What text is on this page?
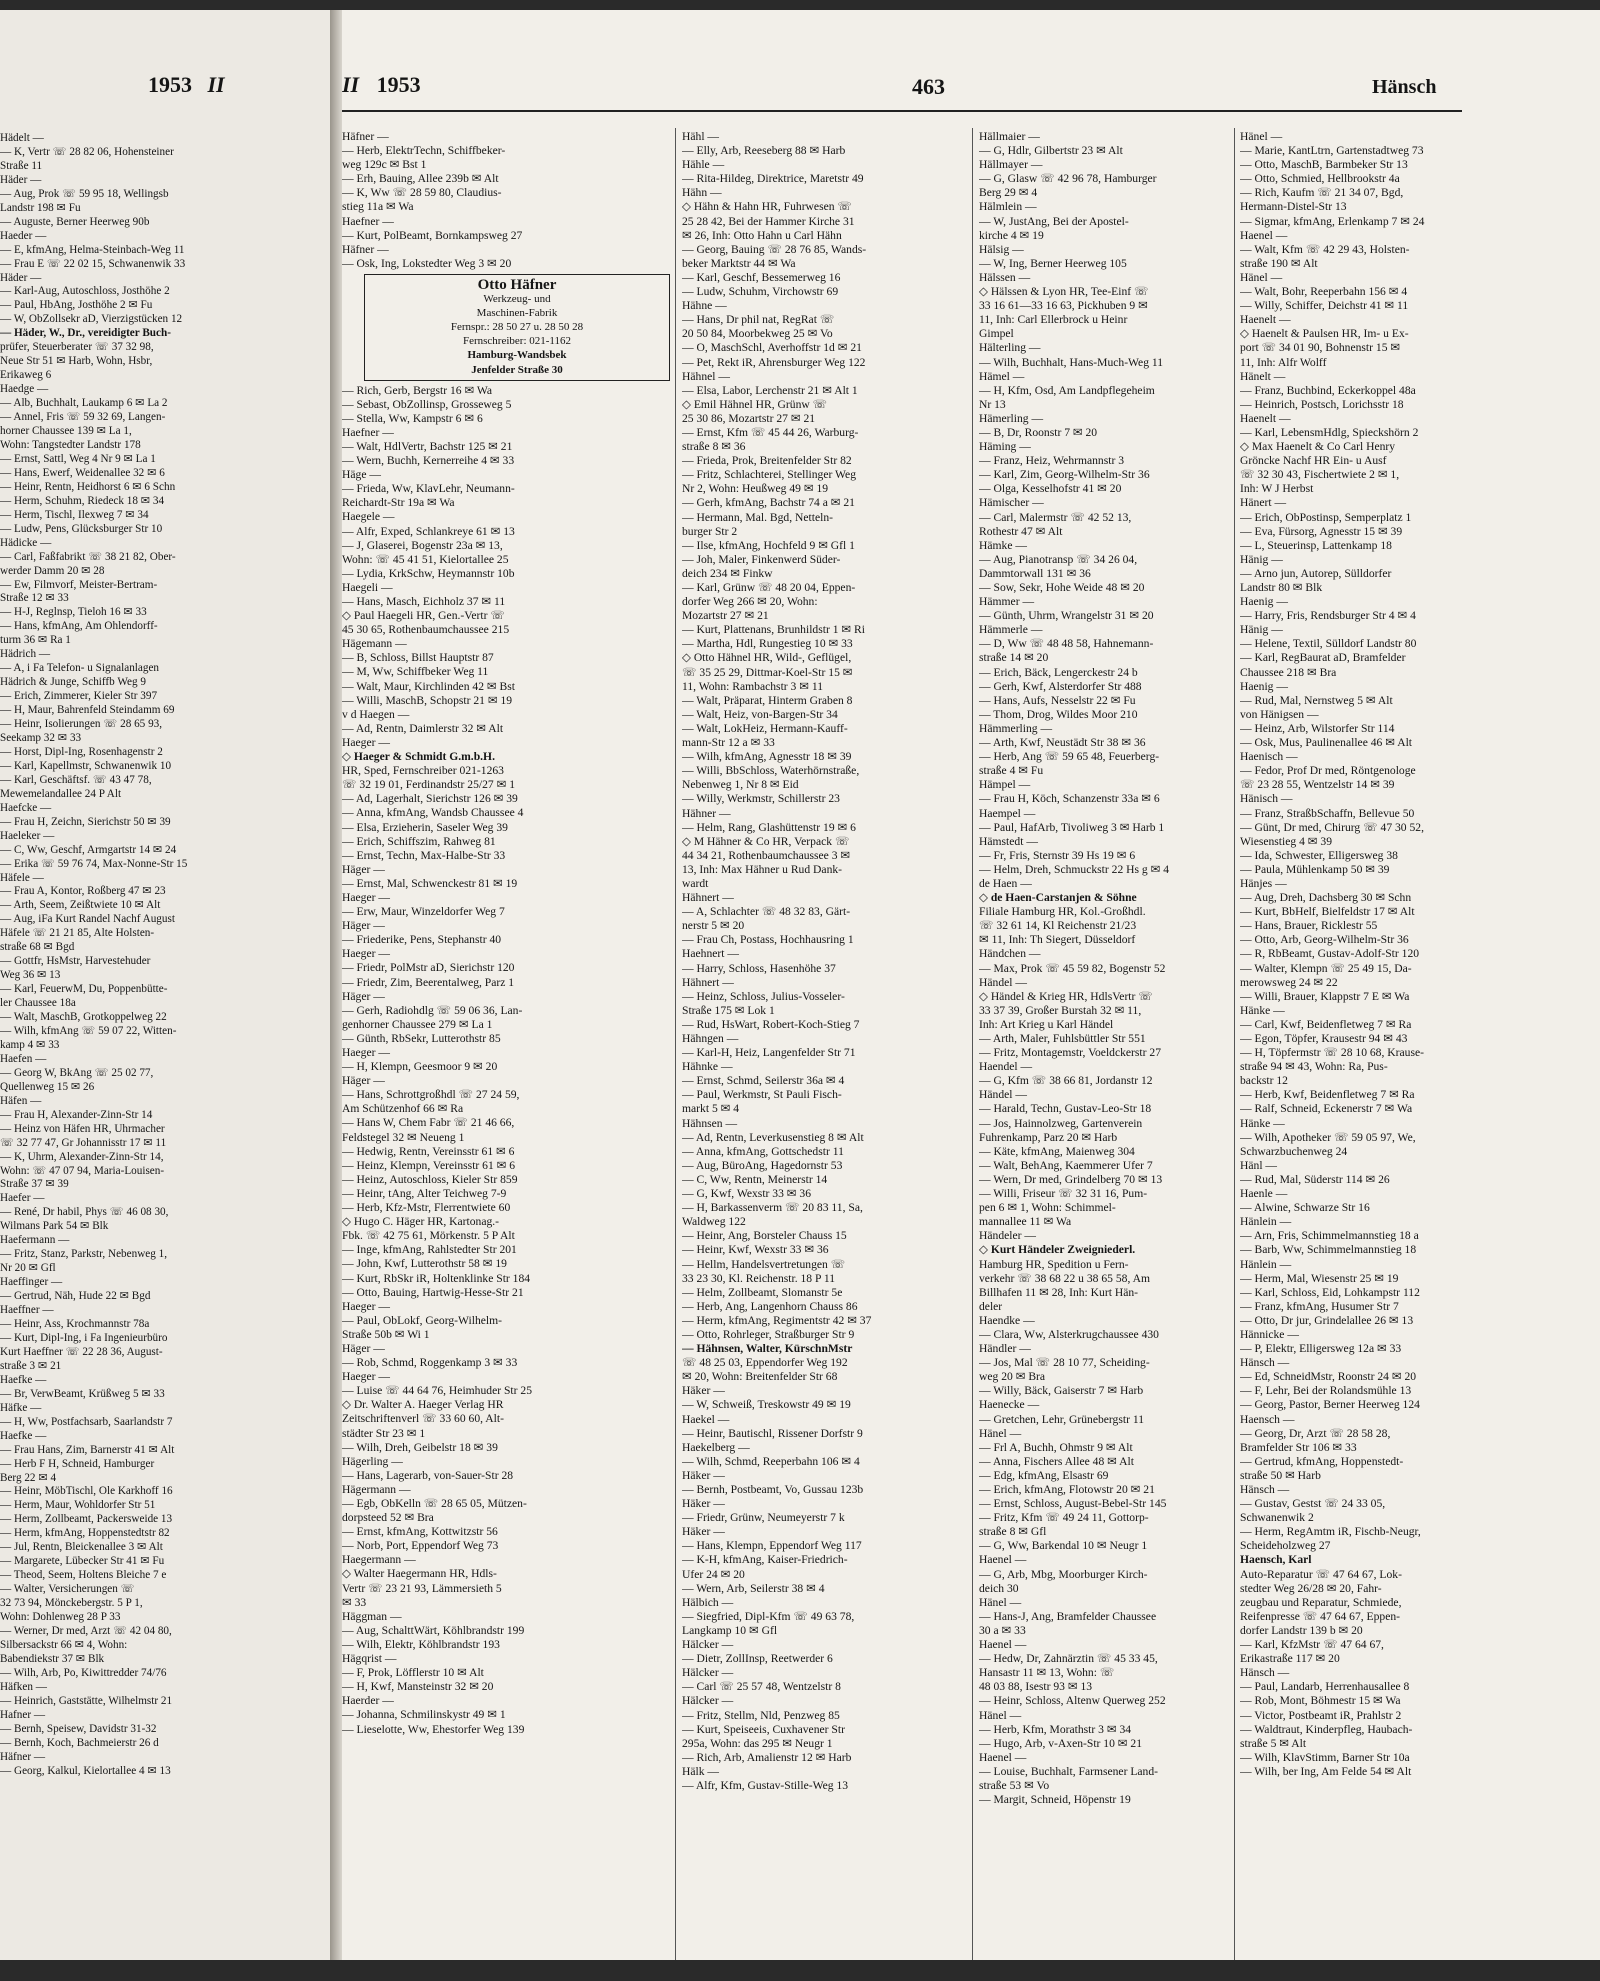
1953 II
Hädelt —
— K, Vertr ☏ 28 82 06, Hohensteiner
Straße 11
Häder —
— Aug, Prok ☏ 59 95 18, Wellingsb
Landstr 198 ✉ Fu
— Auguste, Berner Heerweg 90b
Haeder —
— E, kfmAng, Helma-Steinbach-Weg 11
— Frau E ☏ 22 02 15, Schwanenwik 33
Häder —
— Karl-Aug, Autoschloss, Josthöhe 2
— Paul, HbAng, Josthöhe 2 ✉ Fu
— W, ObZollsekr aD, Vierzigstücken 12
— Häder, W., Dr., vereidigter Buch-
prüfer, Steuerberater ☏ 37 32 98,
Neue Str 51 ✉ Harb, Wohn, Hsbr,
Erikaweg 6
Haedge —
— Alb, Buchhalt, Laukamp 6 ✉ La 2
— Annel, Fris ☏ 59 32 69, Langen-
horner Chaussee 139 ✉ La 1,
Wohn: Tangstedter Landstr 178
— Ernst, Sattl, Weg 4 Nr 9 ✉ La 1
— Hans, Ewerf, Weidenallee 32 ✉ 6
— Heinr, Rentn, Heidhorst 6 ✉ 6 Schn
— Herm, Schuhm, Riedeck 18 ✉ 34
— Herm, Tischl, Ilexweg 7 ✉ 34
— Ludw, Pens, Glücksburger Str 10
Hädicke —
— Carl, Faßfabrikt ☏ 38 21 82, Ober-
werder Damm 20 ✉ 28
— Ew, Filmvorf, Meister-Bertram-
Straße 12 ✉ 33
— H-J, Reglnsp, Tieloh 16 ✉ 33
— Hans, kfmAng, Am Ohlendorff-
turm 36 ✉ Ra 1
Hädrich —
— A, i Fa Telefon- u Signalanlagen
Hädrich & Junge, Schiffb Weg 9
— Erich, Zimmerer, Kieler Str 397
— H, Maur, Bahrenfeld Steindamm 69
— Heinr, Isolierungen ☏ 28 65 93,
Seekamp 32 ✉ 33
— Horst, Dipl-Ing, Rosenhagenstr 2
— Karl, Kapellmstr, Schwanenwik 10
— Karl, Geschäftsf. ☏ 43 47 78,
Mewemelandallee 24 P Alt
Haefcke —
— Frau H, Zeichn, Sierichstr 50 ✉ 39
Haeleker —
— C, Ww, Geschf, Armgartstr 14 ✉ 24
— Erika ☏ 59 76 74, Max-Nonne-Str 15
Häfele —
— Frau A, Kontor, Roßberg 47 ✉ 23
— Arth, Seem, Zeißtwiete 10 ✉ Alt
— Aug, iFa Kurt Randel Nachf August
Häfele ☏ 21 21 85, Alte Holsten-
straße 68 ✉ Bgd
— Gottfr, HsMstr, Harvestehuder
Weg 36 ✉ 13
— Karl, FeuerwM, Du, Poppenbütte-
ler Chaussee 18a
— Walt, MaschB, Grotkoppelweg 22
— Wilh, kfmAng ☏ 59 07 22, Witten-
kamp 4 ✉ 33
Haefen —
— Georg W, BkAng ☏ 25 02 77,
Quellenweg 15 ✉ 26
Häfen —
— Frau H, Alexander-Zinn-Str 14
— Heinz von Häfen HR, Uhrmacher
☏ 32 77 47, Gr Johannisstr 17 ✉ 11
— K, Uhrm, Alexander-Zinn-Str 14,
Wohn: ☏ 47 07 94, Maria-Louisen-
Straße 37 ✉ 39
Haefer —
— René, Dr habil, Phys ☏ 46 08 30,
Wilmans Park 54 ✉ Blk
Haefermann —
— Fritz, Stanz, Parkstr, Nebenweg 1,
Nr 20 ✉ Gfl
Haeffinger —
— Gertrud, Näh, Hude 22 ✉ Bgd
Haeffner —
— Heinr, Ass, Krochmannstr 78a
— Kurt, Dipl-Ing, i Fa Ingenieurbüro
Kurt Haeffner ☏ 22 28 36, August-
straße 3 ✉ 21
Haefke —
— Br, VerwBeamt, Krüßweg 5 ✉ 33
Häfke —
— H, Ww, Postfachsarb, Saarlandstr 7
Haefke —
— Frau Hans, Zim, Barnerstr 41 ✉ Alt
— Herb F H, Schneid, Hamburger
Berg 22 ✉ 4
— Heinr, MöbTischl, Ole Karkhoff 16
— Herm, Maur, Wohldorfer Str 51
— Herm, Zollbeamt, Packersweide 13
— Herm, kfmAng, Hoppenstedtstr 82
— Jul, Rentn, Bleickenallee 3 ✉ Alt
— Margarete, Lübecker Str 41 ✉ Fu
— Theod, Seem, Holtens Bleiche 7 e
— Walter, Versicherungen ☏
32 73 94, Mönckebergstr. 5 P 1,
Wohn: Dohlenweg 28 P 33
— Werner, Dr med, Arzt ☏ 42 04 80,
Silbersackstr 66 ✉ 4, Wohn:
Babendiekstr 37 ✉ Blk
— Wilh, Arb, Po, Kiwittredder 74/76
Häfken —
— Heinrich, Gaststätte, Wilhelmstr 21
Hafner —
— Bernh, Speisew, Davidstr 31-32
— Bernh, Koch, Bachmeierstr 26 d
Häfner —
— Georg, Kalkul, Kielortallee 4 ✉ 13
II 1953	463	Hänsch
Häfner —
— Herb, ElektrTechn, Schiffbeker-
weg 129c ✉ Bst 1
— Erh, Bauing, Allee 239b ✉ Alt
— K, Ww ☏ 28 59 80, Claudius-
stieg 11a ✉ Wa
Haefner —
— Kurt, PolBeamt, Bornkampsweg 27
Häfner —
— Osk, Ing, Lokstedter Weg 3 ✉ 20
Otto Häfner
Werkzeug- und
Maschinen-Fabrik
Fernspr.: 28 50 27 u. 28 50 28
Fernschreiber: 021-1162
Hamburg-Wandsbek
Jenfelder Straße 30
— Rich, Gerb, Bergstr 16 ✉ Wa
— Sebast, ObZollinsp, Grosseweg 5
— Stella, Ww, Kampstr 6 ✉ 6
Haefner —
— Walt, HdlVertr, Bachstr 125 ✉ 21
— Wern, Buchh, Kernerreihe 4 ✉ 33
Häge —
— Frieda, Ww, KlavLehr, Neumann-
Reichardt-Str 19a ✉ Wa
Haegele —
— Alfr, Exped, Schlankreye 61 ✉ 13
— J, Glaserei, Bogenstr 23a ✉ 13,
Wohn: ☏ 45 41 51, Kielortallee 25
— Lydia, KrkSchw, Heymannstr 10b
Haegeli —
— Hans, Masch, Eichholz 37 ✉ 11
◇ Paul Haegeli HR, Gen.-Vertr ☏
45 30 65, Rothenbaumchaussee 215
Hägemann —
— B, Schloss, Billst Hauptstr 87
— M, Ww, Schiffbeker Weg 11
— Walt, Maur, Kirchlinden 42 ✉ Bst
— Willi, MaschB, Schopstr 21 ✉ 19
v d Haegen —
— Ad, Rentn, Daimlerstr 32 ✉ Alt
Haeger —
◇ Haeger & Schmidt G.m.b.H.
HR, Sped, Fernschreiber 021-1263
☏ 32 19 01, Ferdinandstr 25/27 ✉ 1
— Ad, Lagerhalt, Sierichstr 126 ✉ 39
— Anna, kfmAng, Wandsb Chaussee 4
— Elsa, Erzieherin, Saseler Weg 39
— Erich, Schiffszim, Rahweg 81
— Ernst, Techn, Max-Halbe-Str 33
Häger —
— Ernst, Mal, Schwenckestr 81 ✉ 19
Haeger —
— Erw, Maur, Winzeldorfer Weg 7
Häger —
— Friederike, Pens, Stephanstr 40
Haeger —
— Friedr, PolMstr aD, Sierichstr 120
— Friedr, Zim, Beerentalweg, Parz 1
Häger —
— Gerh, Radiohdlg ☏ 59 06 36, Lan-
genhorner Chaussee 279 ✉ La 1
— Günth, RbSekr, Lutterothstr 85
Haeger —
— H, Klempn, Geesmoor 9 ✉ 20
Häger —
— Hans, Schrottgroßhdl ☏ 27 24 59,
Am Schützenhof 66 ✉ Ra
— Hans W, Chem Fabr ☏ 21 46 66,
Feldstegel 32 ✉ Neueng 1
— Hedwig, Rentn, Vereinsstr 61 ✉ 6
— Heinz, Klempn, Vereinsstr 61 ✉ 6
— Heinz, Autoschloss, Kieler Str 859
— Heinr, tAng, Alter Teichweg 7-9
— Herb, Kfz-Mstr, Flerrentwiete 60
◇ Hugo C. Häger HR, Kartonag.-
Fbk. ☏ 42 75 61, Mörkenstr. 5 P Alt
— Inge, kfmAng, Rahlstedter Str 201
— John, Kwf, Lutterothstr 58 ✉ 19
— Kurt, RbSkr iR, Holtenklinke Str 184
— Otto, Bauing, Hartwig-Hesse-Str 21
Haeger —
— Paul, ObLokf, Georg-Wilhelm-
Straße 50b ✉ Wi 1
Häger —
— Rob, Schmd, Roggenkamp 3 ✉ 33
Haeger —
— Luise ☏ 44 64 76, Heimhuder Str 25
◇ Dr. Walter A. Haeger Verlag HR
Zeitschriftenverl ☏ 33 60 60, Alt-
städter Str 23 ✉ 1
— Wilh, Dreh, Geibelstr 18 ✉ 39
Hägerling —
— Hans, Lagerarb, von-Sauer-Str 28
Hägermann —
— Egb, ObKelln ☏ 28 65 05, Mützen-
dorpsteed 52 ✉ Bra
— Ernst, kfmAng, Kottwitzstr 56
— Norb, Port, Eppendorf Weg 73
Haegermann —
◇ Walter Haegermann HR, Hdls-
Vertr ☏ 23 21 93, Lämmersieth 5
✉ 33
Häggman —
— Aug, SchalttWärt, Köhlbrandstr 199
— Wilh, Elektr, Köhlbrandstr 193
Hägqrist —
— F, Prok, Löfflerstr 10 ✉ Alt
— H, Kwf, Mansteinstr 32 ✉ 20
Haerder —
— Johanna, Schmilinskystr 49 ✉ 1
— Lieselotte, Ww, Ehestorfer Weg 139
Hähl —
— Elly, Arb, Reeseberg 88 ✉ Harb
Hähle —
— Rita-Hildeg, Direktrice, Maretstr 49
Hähn —
◇ Hähn & Hahn HR, Fuhrwesen ☏
25 28 42, Bei der Hammer Kirche 31
✉ 26, Inh: Otto Hahn u Carl Hähn
— Georg, Bauing ☏ 28 76 85, Wands-
beker Marktstr 44 ✉ Wa
— Karl, Geschf, Bessemerweg 16
— Ludw, Schuhm, Virchowstr 69
Hähne —
— Hans, Dr phil nat, RegRat ☏
20 50 84, Moorbekweg 25 ✉ Vo
— O, MaschSchl, Averhoffstr 1d ✉ 21
— Pet, Rekt iR, Ahrensburger Weg 122
Hähnel —
— Elsa, Labor, Lerchenstr 21 ✉ Alt 1
◇ Emil Hähnel HR, Grünw ☏
25 30 86, Mozartstr 27 ✉ 21
— Ernst, Kfm ☏ 45 44 26, Warburg-
straße 8 ✉ 36
— Frieda, Prok, Breitenfelder Str 82
— Fritz, Schlachterei, Stellinger Weg
Nr 2, Wohn: Heußweg 49 ✉ 19
— Gerh, kfmAng, Bachstr 74 a ✉ 21
— Hermann, Mal. Bgd, Netteln-
burger Str 2
— Ilse, kfmAng, Hochfeld 9 ✉ Gfl 1
— Joh, Maler, Finkenwerd Süder-
deich 234 ✉ Finkw
— Karl, Grünw ☏ 48 20 04, Eppen-
dorfer Weg 266 ✉ 20, Wohn:
Mozartstr 27 ✉ 21
— Kurt, Plattenans, Brunhildstr 1 ✉ Ri
— Martha, Hdl, Rungestieg 10 ✉ 33
◇ Otto Hähnel HR, Wild-, Geflügel,
☏ 35 25 29, Dittmar-Koel-Str 15 ✉
11, Wohn: Rambachstr 3 ✉ 11
— Walt, Präparat, Hinterm Graben 8
— Walt, Heiz, von-Bargen-Str 34
— Walt, LokHeiz, Hermann-Kauff-
mann-Str 12 a ✉ 33
— Wilh, kfmAng, Agnesstr 18 ✉ 39
— Willi, BbSchloss, Waterhörnstraße,
Nebenweg 1, Nr 8 ✉ Eid
— Willy, Werkmstr, Schillerstr 23
Hähner —
— Helm, Rang, Glashüttenstr 19 ✉ 6
◇ M Hähner & Co HR, Verpack ☏
44 34 21, Rothenbaumchaussee 3 ✉
13, Inh: Max Hähner u Rud Dank-
wardt
Hähnert —
— A, Schlachter ☏ 48 32 83, Gärt-
nerstr 5 ✉ 20
— Frau Ch, Postass, Hochhausring 1
Haehnert —
— Harry, Schloss, Hasenhöhe 37
Hähnert —
— Heinz, Schloss, Julius-Vosseler-
Straße 175 ✉ Lok 1
— Rud, HsWart, Robert-Koch-Stieg 7
Hähngen —
— Karl-H, Heiz, Langenfelder Str 71
Hähnke —
— Ernst, Schmd, Seilerstr 36a ✉ 4
— Paul, Werkmstr, St Pauli Fisch-
markt 5 ✉ 4
Hähnsen —
— Ad, Rentn, Leverkusenstieg 8 ✉ Alt
— Anna, kfmAng, Gottschedstr 11
— Aug, BüroAng, Hagedornstr 53
— C, Ww, Rentn, Meinerstr 14
— G, Kwf, Wexstr 33 ✉ 36
— H, Barkassenverm ☏ 20 83 11, Sa,
Waldweg 122
— Heinr, Ang, Borsteler Chauss 15
— Heinr, Kwf, Wexstr 33 ✉ 36
— Hellm, Handelsvertretungen ☏
33 23 30, Kl. Reichenstr. 18 P 11
— Helm, Zollbeamt, Slomanstr 5e
— Herb, Ang, Langenhorn Chauss 86
— Herm, kfmAng, Regimentstr 42 ✉ 37
— Otto, Rohrleger, Straßburger Str 9
— Hähnsen, Walter, KürschnMstr
☏ 48 25 03, Eppendorfer Weg 192
✉ 20, Wohn: Breitenfelder Str 68
Häker —
— W, Schweiß, Treskowstr 49 ✉ 19
Haekel —
— Heinr, Bautischl, Rissener Dorfstr 9
Haekelberg —
— Wilh, Schmd, Reeperbahn 106 ✉ 4
Häker —
— Bernh, Postbeamt, Vo, Gussau 123b
Häker —
— Friedr, Grünw, Neumeyerstr 7 k
Häker —
— Hans, Klempn, Eppendorf Weg 117
— K-H, kfmAng, Kaiser-Friedrich-
Ufer 24 ✉ 20
— Wern, Arb, Seilerstr 38 ✉ 4
Hälbich —
— Siegfried, Dipl-Kfm ☏ 49 63 78,
Langkamp 10 ✉ Gfl
Hälcker —
— Dietr, ZollInsp, Reetwerder 6
Hälcker —
— Carl ☏ 25 57 48, Wentzelstr 8
Hälcker —
— Fritz, Stellm, Nld, Penzweg 85
— Kurt, Speiseeis, Cuxhavener Str
295a, Wohn: das 295 ✉ Neugr 1
— Rich, Arb, Amalienstr 12 ✉ Harb
Hälk —
— Alfr, Kfm, Gustav-Stille-Weg 13
Hällmaier —
— G, Hdlr, Gilbertstr 23 ✉ Alt
Hällmayer —
— G, Glasw ☏ 42 96 78, Hamburger
Berg 29 ✉ 4
Hälmlein —
— W, JustAng, Bei der Apostel-
kirche 4 ✉ 19
Hälsig —
— W, Ing, Berner Heerweg 105
Hälssen —
◇ Hälssen & Lyon HR, Tee-Einf ☏
33 16 61—33 16 63, Pickhuben 9 ✉
11, Inh: Carl Ellerbrock u Heinr
Gimpel
Hälterling —
— Wilh, Buchhalt, Hans-Much-Weg 11
Hämel —
— H, Kfm, Osd, Am Landpflegeheim
Nr 13
Hämerling —
— B, Dr, Roonstr 7 ✉ 20
Häming —
— Franz, Heiz, Wehrmannstr 3
— Karl, Zim, Georg-Wilhelm-Str 36
— Olga, Kesselhofstr 41 ✉ 20
Hämischer —
— Carl, Malermstr ☏ 42 52 13,
Rothestr 47 ✉ Alt
Hämke —
— Aug, Pianotransp ☏ 34 26 04,
Dammtorwall 131 ✉ 36
— Sow, Sekr, Hohe Weide 48 ✉ 20
Hämmer —
— Günth, Uhrm, Wrangelstr 31 ✉ 20
Hämmerle —
— D, Ww ☏ 48 48 58, Hahnemann-
straße 14 ✉ 20
— Erich, Bäck, Lengerckestr 24 b
— Gerh, Kwf, Alsterdorfer Str 488
— Hans, Aufs, Nesselstr 22 ✉ Fu
— Thom, Drog, Wildes Moor 210
Hämmerling —
— Arth, Kwf, Neustädt Str 38 ✉ 36
— Herb, Ang ☏ 59 65 48, Feuerberg-
straße 4 ✉ Fu
Hämpel —
— Frau H, Köch, Schanzenstr 33a ✉ 6
Haempel —
— Paul, HafArb, Tivoliweg 3 ✉ Harb 1
Hämstedt —
— Fr, Fris, Sternstr 39 Hs 19 ✉ 6
— Helm, Dreh, Schmuckstr 22 Hs g ✉ 4
de Haen —
◇ de Haen-Carstanjen & Söhne
Filiale Hamburg HR, Kol.-Großhdl.
☏ 32 61 14, Kl Reichenstr 21/23
✉ 11, Inh: Th Siegert, Düsseldorf
Händchen —
— Max, Prok ☏ 45 59 82, Bogenstr 52
Händel —
◇ Händel & Krieg HR, HdlsVertr ☏
33 37 39, Großer Burstah 32 ✉ 11,
Inh: Art Krieg u Karl Händel
— Arth, Maler, Fuhlsbüttler Str 551
— Fritz, Montagemstr, Voeldckerstr 27
Haendel —
— G, Kfm ☏ 38 66 81, Jordanstr 12
Händel —
— Harald, Techn, Gustav-Leo-Str 18
— Jos, Hainnolzweg, Gartenverein
Fuhrenkamp, Parz 20 ✉ Harb
— Käte, kfmAng, Maienweg 304
— Walt, BehAng, Kaemmerer Ufer 7
— Wern, Dr med, Grindelberg 70 ✉ 13
— Willi, Friseur ☏ 32 31 16, Pum-
pen 6 ✉ 1, Wohn: Schimmel-
mannallee 11 ✉ Wa
Händeler —
◇ Kurt Händeler Zweigniederl.
Hamburg HR, Spedition u Fern-
verkehr ☏ 38 68 22 u 38 65 58, Am
Billhafen 11 ✉ 28, Inh: Kurt Hän-
deler
Haendke —
— Clara, Ww, Alsterkrugchaussee 430
Händler —
— Jos, Mal ☏ 28 10 77, Scheiding-
weg 20 ✉ Bra
— Willy, Bäck, Gaiserstr 7 ✉ Harb
Haenecke —
— Gretchen, Lehr, Grünebergstr 11
Hänel —
— Frl A, Buchh, Ohmstr 9 ✉ Alt
— Anna, Fischers Allee 48 ✉ Alt
— Edg, kfmAng, Elsastr 69
— Erich, kfmAng, Flotowstr 20 ✉ 21
— Ernst, Schloss, August-Bebel-Str 145
— Fritz, Kfm ☏ 49 24 11, Gottorp-
straße 8 ✉ Gfl
— G, Ww, Barkendal 10 ✉ Neugr 1
Haenel —
— G, Arb, Mbg, Moorburger Kirch-
deich 30
Hänel —
— Hans-J, Ang, Bramfelder Chaussee
30 a ✉ 33
Haenel —
— Hedw, Dr, Zahnärztin ☏ 45 33 45,
Hansastr 11 ✉ 13, Wohn: ☏
48 03 88, Isestr 93 ✉ 13
— Heinr, Schloss, Altenw Querweg 252
Hänel —
— Herb, Kfm, Morathstr 3 ✉ 34
— Hugo, Arb, v-Axen-Str 10 ✉ 21
Haenel —
— Louise, Buchhalt, Farmsener Land-
straße 53 ✉ Vo
— Margit, Schneid, Höpenstr 19
Hänel —
— Marie, KantLtrn, Gartenstadtweg 73
— Otto, MaschB, Barmbeker Str 13
— Otto, Schmied, Hellbrookstr 4a
— Rich, Kaufm ☏ 21 34 07, Bgd,
Hermann-Distel-Str 13
— Sigmar, kfmAng, Erlenkamp 7 ✉ 24
Haenel —
— Walt, Kfm ☏ 42 29 43, Holsten-
straße 190 ✉ Alt
Hänel —
— Walt, Bohr, Reeperbahn 156 ✉ 4
— Willy, Schiffer, Deichstr 41 ✉ 11
Haenelt —
◇ Haenelt & Paulsen HR, Im- u Ex-
port ☏ 34 01 90, Bohnenstr 15 ✉
11, Inh: Alfr Wolff
Hänelt —
— Franz, Buchbind, Eckerkoppel 48a
— Heinrich, Postsch, Lorichsstr 18
Haenelt —
— Karl, LebensmHdlg, Spieckshörn 2
◇ Max Haenelt & Co Carl Henry
Gröncke Nachf HR Ein- u Ausf
☏ 32 30 43, Fischertwiete 2 ✉ 1,
Inh: W J Herbst
Hänert —
— Erich, ObPostinsp, Semperplatz 1
— Eva, Fürsorg, Agnesstr 15 ✉ 39
— L, Steuerinsp, Lattenkamp 18
Hänig —
— Arno jun, Autorep, Sülldorfer
Landstr 80 ✉ Blk
Haenig —
— Harry, Fris, Rendsburger Str 4 ✉ 4
Hänig —
— Helene, Textil, Sülldorf Landstr 80
— Karl, RegBaurat aD, Bramfelder
Chaussee 218 ✉ Bra
Haenig —
— Rud, Mal, Nernstweg 5 ✉ Alt
von Hänigsen —
— Heinz, Arb, Wilstorfer Str 114
— Osk, Mus, Paulinenallee 46 ✉ Alt
Haenisch —
— Fedor, Prof Dr med, Röntgenologe
☏ 23 28 55, Wentzelstr 14 ✉ 39
Hänisch —
— Franz, StraßbSchaffn, Bellevue 50
— Günt, Dr med, Chirurg ☏ 47 30 52,
Wiesenstieg 4 ✉ 39
— Ida, Schwester, Elligersweg 38
— Paula, Mühlenkamp 50 ✉ 39
Hänjes —
— Aug, Dreh, Dachsberg 30 ✉ Schn
— Kurt, BbHelf, Bielfeldstr 17 ✉ Alt
— Hans, Brauer, Ricklestr 55
— Otto, Arb, Georg-Wilhelm-Str 36
— R, RbBeamt, Gustav-Adolf-Str 120
— Walter, Klempn ☏ 25 49 15, Da-
merowsweg 24 ✉ 22
— Willi, Brauer, Klappstr 7 E ✉ Wa
Hänke —
— Carl, Kwf, Beidenfletweg 7 ✉ Ra
— Egon, Töpfer, Krausestr 94 ✉ 43
— H, Töpfermstr ☏ 28 10 68, Krause-
straße 94 ✉ 43, Wohn: Ra, Pus-
backstr 12
— Herb, Kwf, Beidenfletweg 7 ✉ Ra
— Ralf, Schneid, Eckenerstr 7 ✉ Wa
Hänke —
— Wilh, Apotheker ☏ 59 05 97, We,
Schwarzbuchenweg 24
Hänl —
— Rud, Mal, Süderstr 114 ✉ 26
Haenle —
— Alwine, Schwarze Str 16
Hänlein —
— Arn, Fris, Schimmelmannstieg 18 a
— Barb, Ww, Schimmelmannstieg 18
Hänlein —
— Herm, Mal, Wiesenstr 25 ✉ 19
— Karl, Schloss, Eid, Lohkampstr 112
— Franz, kfmAng, Husumer Str 7
— Otto, Dr jur, Grindelallee 26 ✉ 13
Hännicke —
— P, Elektr, Elligersweg 12a ✉ 33
Hänsch —
— Ed, SchneidMstr, Roonstr 24 ✉ 20
— F, Lehr, Bei der Rolandsmühle 13
— Georg, Pastor, Berner Heerweg 124
Haensch —
— Georg, Dr, Arzt ☏ 28 58 28,
Bramfelder Str 106 ✉ 33
— Gertrud, kfmAng, Hoppenstedt-
straße 50 ✉ Harb
Hänsch —
— Gustav, Gestst ☏ 24 33 05,
Schwanenwik 2
— Herm, RegAmtm iR, Fischb-Neugr,
Scheideholzweg 27
Haensch, Karl
Auto-Reparatur ☏ 47 64 67, Lok-
stedter Weg 26/28 ✉ 20, Fahr-
zeugbau und Reparatur, Schmiede,
Reifenpresse ☏ 47 64 67, Eppen-
dorfer Landstr 139 b ✉ 20
— Karl, KfzMstr ☏ 47 64 67,
Erikastraße 117 ✉ 20
Hänsch —
— Paul, Landarb, Herrenhausallee 8
— Rob, Mont, Böhmestr 15 ✉ Wa
— Victor, Postbeamt iR, Prahlstr 2
— Waldtraut, Kinderpfleg, Haubach-
straße 5 ✉ Alt
— Wilh, KlavStimm, Barner Str 10a
— Wilh, ber Ing, Am Felde 54 ✉ Alt
